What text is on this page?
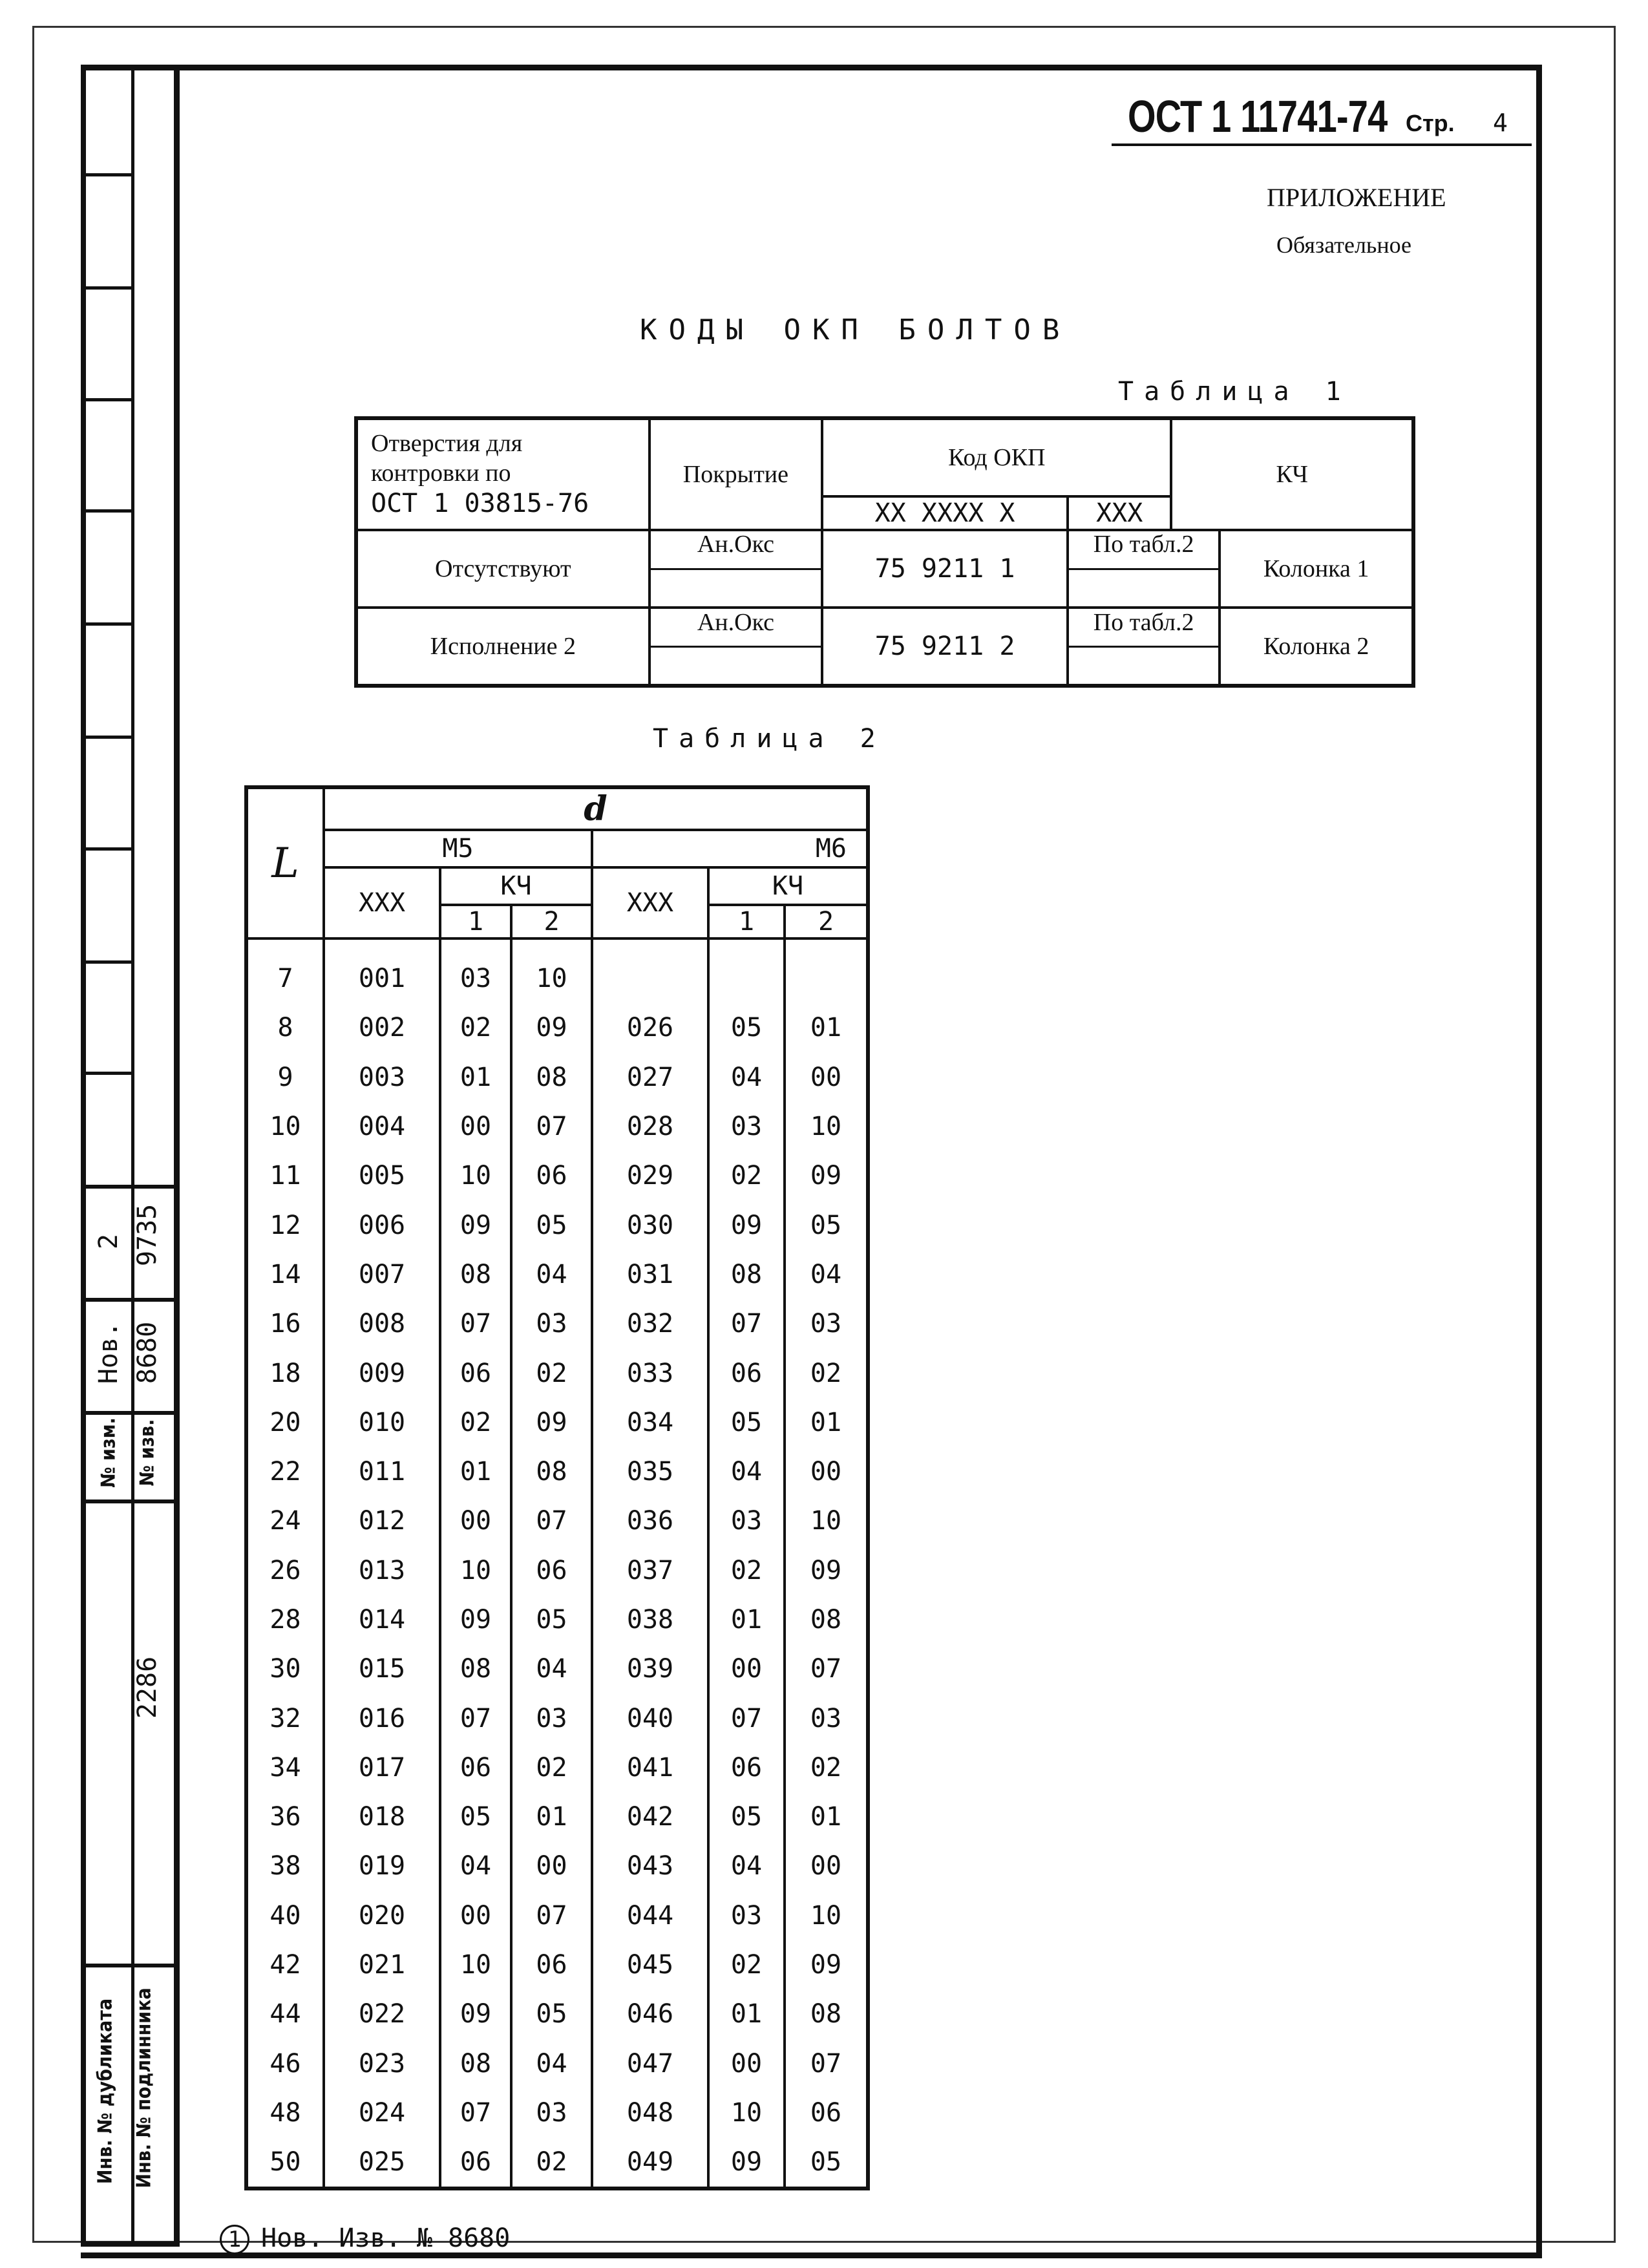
2 9735
Нов. 8680
№ изм. № изв.
2286
Инв. № дубликата Инв. № подлинника
ОСТ 1 11741-74 Стр. 4
ПРИЛОЖЕНИЕ
Обязательное
КОДЫ ОКП БОЛТОВ
Таблица 1
Отверстия для
контровки по
ОСТ 1 03815-76	Покрытие	Код ОКП		КЧ	
		XX XXXX X	XXX		
Отсутствуют	Ан.Окс	75 9211 1	По табл.2		Колонка 1
Исполнение 2	Ан.Окс	75 9211 2	По табл.2		Колонка 2
Таблица 2
L	d					
	М5			М6		
	XXX	КЧ		XXX	КЧ	
		1	2		1	2

7	001	03	10			
8	002	02	09	026	05	01
9	003	01	08	027	04	00
10	004	00	07	028	03	10
11	005	10	06	029	02	09
12	006	09	05	030	09	05
14	007	08	04	031	08	04
16	008	07	03	032	07	03
18	009	06	02	033	06	02
20	010	02	09	034	05	01
22	011	01	08	035	04	00
24	012	00	07	036	03	10
26	013	10	06	037	02	09
28	014	09	05	038	01	08
30	015	08	04	039	00	07
32	016	07	03	040	07	03
34	017	06	02	041	06	02
36	018	05	01	042	05	01
38	019	04	00	043	04	00
40	020	00	07	044	03	10
42	021	10	06	045	02	09
44	022	09	05	046	01	08
46	023	08	04	047	00	07
48	024	07	03	048	10	06
50	025	06	02	049	09	05
1 Нов. Изв. № 8680
